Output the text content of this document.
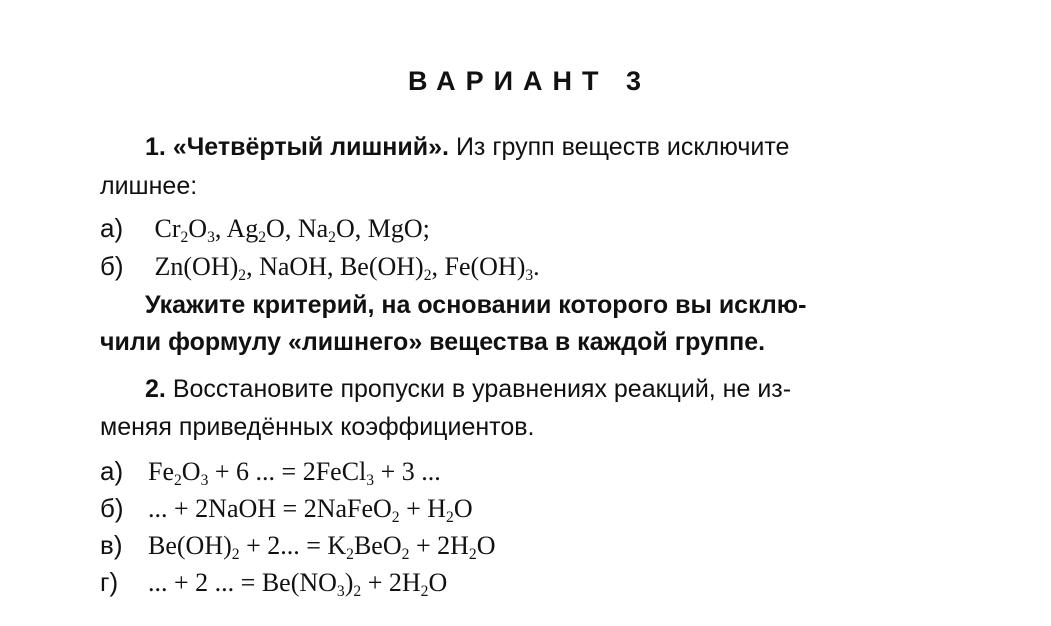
ВАРИАНТ 3
1. «Четвёртый лишний». Из групп веществ исключите
лишнее:
а) $Cr_2O_3$, $Ag_2O$, $Na_2O$, MgO;
б) $Zn(OH)_2$, NaOH, $Be(OH)_2$, $Fe(OH)_3$.
Укажите критерий, на основании которого вы исклю-
чили формулу «лишнего» вещества в каждой группе.
2. Восстановите пропуски в уравнениях реакций, не из-
меняя приведённых коэффициентов.
а) $Fe_2O_3 + 6$ ... = 2FeCl$_3$ + 3 ...
б) ... + 2NaOH = 2NaFeO$_2$ + $H_2O$
в) $Be(OH)_2 + 2$... = $K_2BeO_2 + 2H_2O$
г) ... + 2 ... = $Be(NO_3)_2 + 2H_2O$
